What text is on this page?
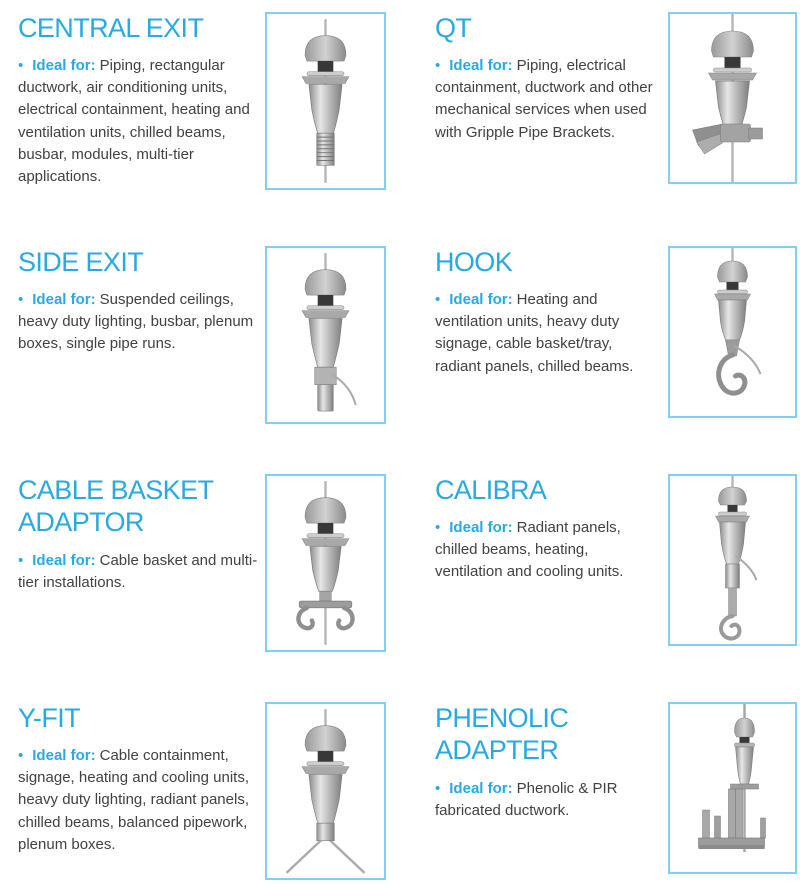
CENTRAL EXIT

• Ideal for: Piping, rectangular ductwork, air conditioning units, electrical containment, heating and ventilation units, chilled beams, busbar, modules, multi-tier applications.

QT

• Ideal for: Piping, electrical containment, ductwork and other mechanical services when used with Gripple Pipe Brackets.

SIDE EXIT

• Ideal for: Suspended ceilings, heavy duty lighting, busbar, plenum boxes, single pipe runs.

HOOK

• Ideal for: Heating and ventilation units, heavy duty signage, cable basket/tray, radiant panels, chilled beams.

CABLE BASKET ADAPTOR

• Ideal for: Cable basket and multi-tier installations.

CALIBRA

• Ideal for: Radiant panels, chilled beams, heating, ventilation and cooling units.

Y-FIT

• Ideal for: Cable containment, signage, heating and cooling units, heavy duty lighting, radiant panels, chilled beams, balanced pipework, plenum boxes.

PHENOLIC ADAPTER

• Ideal for: Phenolic & PIR fabricated ductwork.
